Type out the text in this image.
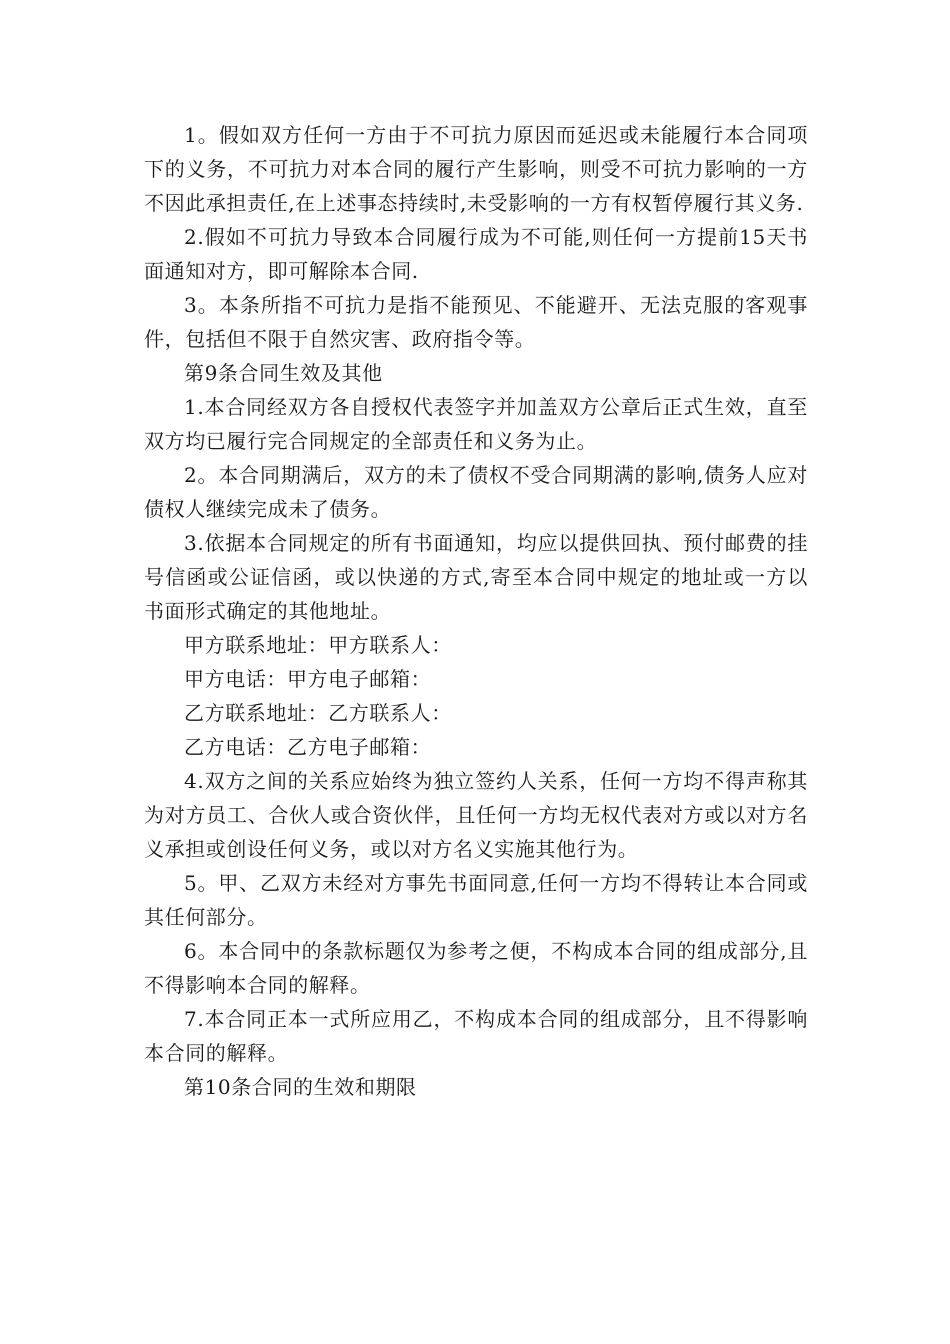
1。假如双方任何一方由于不可抗力原因而延迟或未能履行本合同项下的义务，不可抗力对本合同的履行产生影响，则受不可抗力影响的一方不因此承担责任,在上述事态持续时,未受影响的一方有权暂停履行其义务.

2.假如不可抗力导致本合同履行成为不可能,则任何一方提前15天书面通知对方，即可解除本合同.

3。本条所指不可抗力是指不能预见、不能避开、无法克服的客观事件，包括但不限于自然灾害、政府指令等。

第9条合同生效及其他

1.本合同经双方各自授权代表签字并加盖双方公章后正式生效，直至双方均已履行完合同规定的全部责任和义务为止。

2。本合同期满后，双方的未了债权不受合同期满的影响,债务人应对债权人继续完成未了债务。

3.依据本合同规定的所有书面通知，均应以提供回执、预付邮费的挂号信函或公证信函，或以快递的方式,寄至本合同中规定的地址或一方以书面形式确定的其他地址。

甲方联系地址：甲方联系人：

甲方电话：甲方电子邮箱：

乙方联系地址：乙方联系人：

乙方电话：乙方电子邮箱：

4.双方之间的关系应始终为独立签约人关系，任何一方均不得声称其为对方员工、合伙人或合资伙伴，且任何一方均无权代表对方或以对方名义承担或创设任何义务，或以对方名义实施其他行为。

5。甲、乙双方未经对方事先书面同意,任何一方均不得转让本合同或其任何部分。

6。本合同中的条款标题仅为参考之便，不构成本合同的组成部分,且不得影响本合同的解释。

7.本合同正本一式所应用乙，不构成本合同的组成部分，且不得影响本合同的解释。

第10条合同的生效和期限
